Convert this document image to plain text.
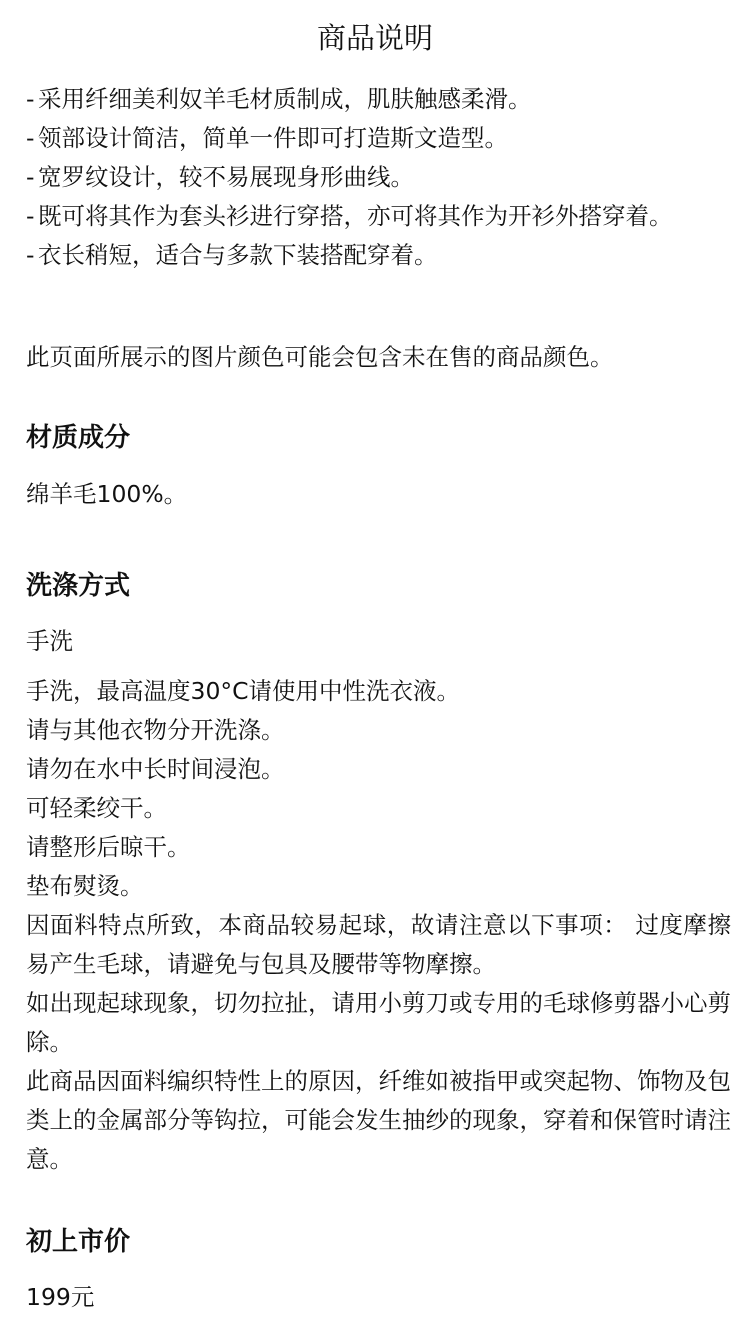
商品说明
- 采用纤细美利奴羊毛材质制成，肌肤触感柔滑。
- 领部设计简洁，简单一件即可打造斯文造型。
- 宽罗纹设计，较不易展现身形曲线。
- 既可将其作为套头衫进行穿搭，亦可将其作为开衫外搭穿着。
- 衣长稍短，适合与多款下装搭配穿着。
此页面所展示的图片颜色可能会包含未在售的商品颜色。
材质成分
绵羊毛100%。
洗涤方式
手洗
手洗，最高温度30°C请使用中性洗衣液。
请与其他衣物分开洗涤。
请勿在水中长时间浸泡。
可轻柔绞干。
请整形后晾干。
垫布熨烫。
因面料特点所致，本商品较易起球，故请注意以下事项： 过度摩擦易产生毛球，请避免与包具及腰带等物摩擦。
如出现起球现象，切勿拉扯，请用小剪刀或专用的毛球修剪器小心剪除。
此商品因面料编织特性上的原因，纤维如被指甲或突起物、饰物及包类上的金属部分等钩拉，可能会发生抽纱的现象，穿着和保管时请注意。
初上市价
199元
